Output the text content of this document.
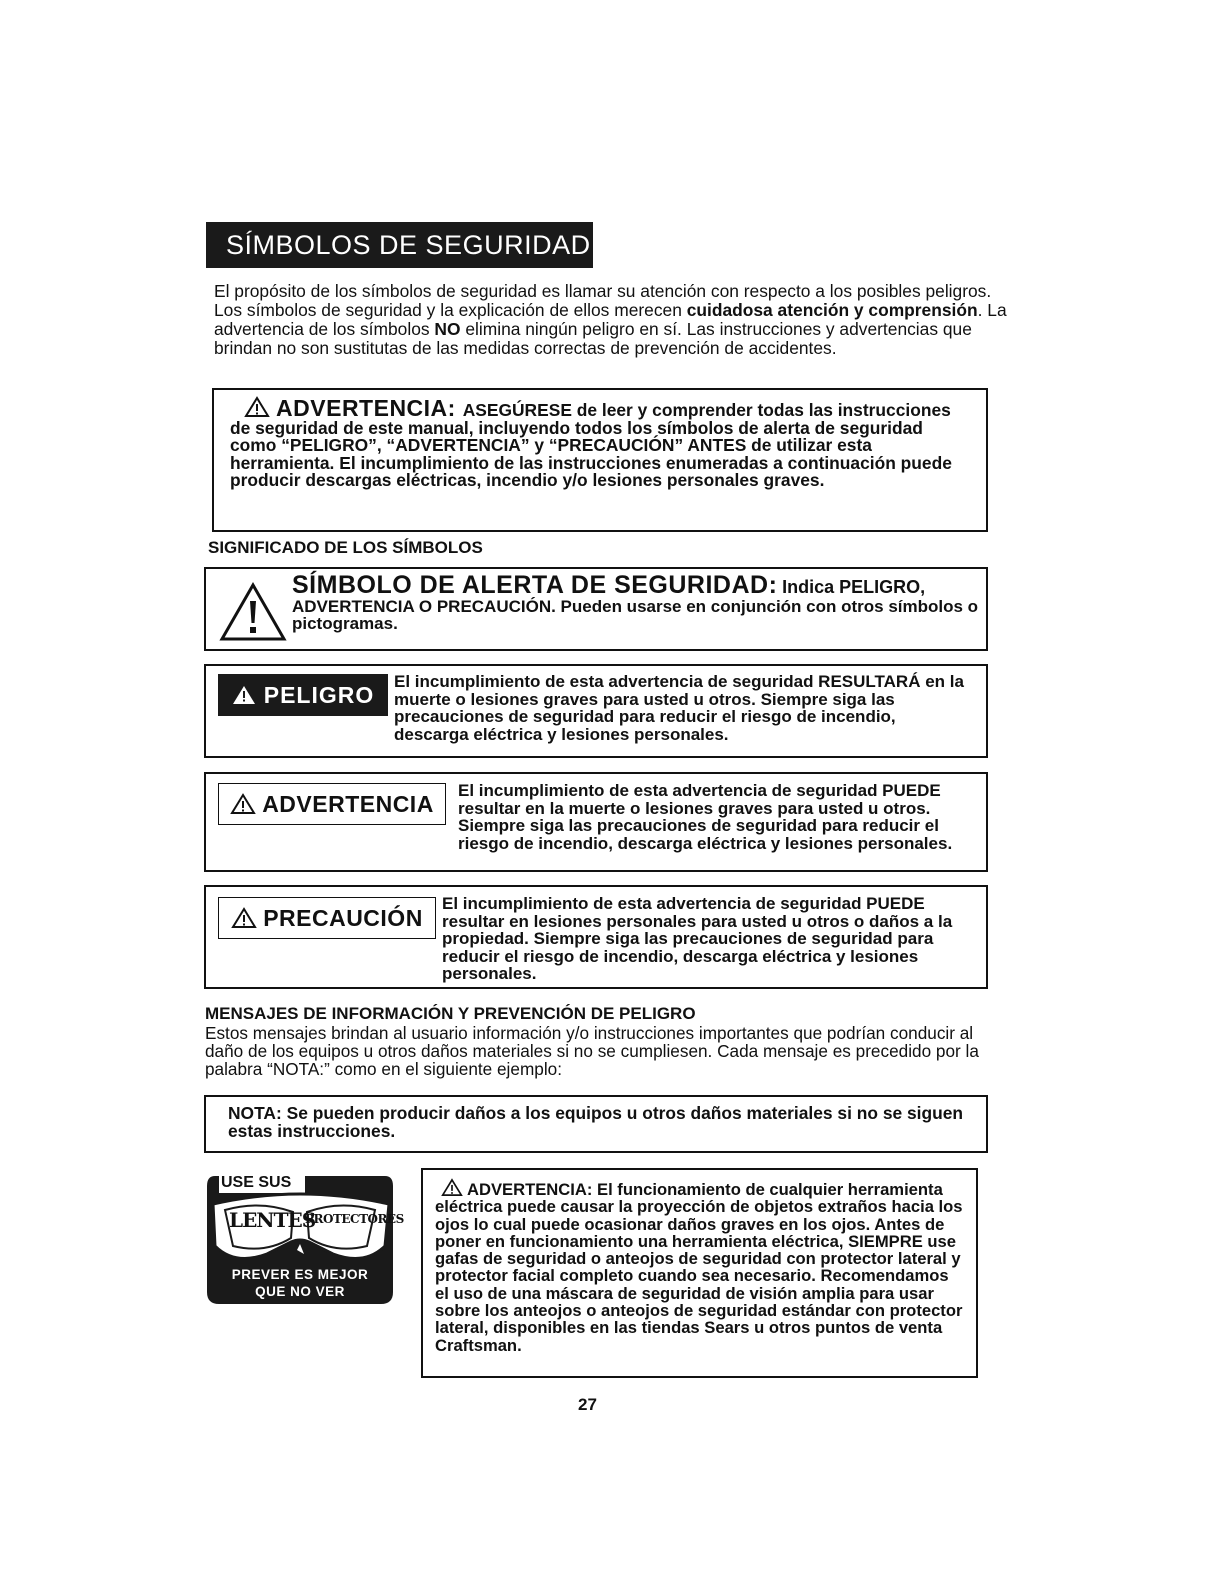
SÍMBOLOS DE SEGURIDAD
El propósito de los símbolos de seguridad es llamar su atención con respecto a los posibles peligros. Los símbolos de seguridad y la explicación de ellos merecen cuidadosa atención y comprensión. La advertencia de los símbolos NO elimina ningún peligro en sí. Las instrucciones y advertencias que brindan no son sustitutas de las medidas correctas de prevención de accidentes.
ADVERTENCIA: ASEGÚRESE de leer y comprender todas las instrucciones de seguridad de este manual, incluyendo todos los símbolos de alerta de seguridad como “PELIGRO”, “ADVERTENCIA” y “PRECAUCIÓN” ANTES de utilizar esta herramienta. El incumplimiento de las instrucciones enumeradas a continuación puede producir descargas eléctricas, incendio y/o lesiones personales graves.
SIGNIFICADO DE LOS SÍMBOLOS
SÍMBOLO DE ALERTA DE SEGURIDAD: Indica PELIGRO,
ADVERTENCIA O PRECAUCIÓN. Pueden usarse en conjunción con otros símbolos o pictogramas.
PELIGRO El incumplimiento de esta advertencia de seguridad RESULTARÁ en la muerte o lesiones graves para usted u otros. Siempre siga las precauciones de seguridad para reducir el riesgo de incendio, descarga eléctrica y lesiones personales.
ADVERTENCIA El incumplimiento de esta advertencia de seguridad PUEDE resultar en la muerte o lesiones graves para usted u otros. Siempre siga las precauciones de seguridad para reducir el riesgo de incendio, descarga eléctrica y lesiones personales.
PRECAUCIÓN
El incumplimiento de esta advertencia de seguridad PUEDE resultar en lesiones personales para usted u otros o daños a la propiedad. Siempre siga las precauciones de seguridad para reducir el riesgo de incendio, descarga eléctrica y lesiones personales.
MENSAJES DE INFORMACIÓN Y PREVENCIÓN DE PELIGRO
Estos mensajes brindan al usuario información y/o instrucciones importantes que podrían conducir al daño de los equipos u otros daños materiales si no se cumpliesen. Cada mensaje es precedido por la palabra “NOTA:” como en el siguiente ejemplo:
NOTA: Se pueden producir daños a los equipos u otros daños materiales si no se siguen estas instrucciones.
USE SUS
LENTES
PROTECTORES
PREVER ES MEJOR
QUE NO VER
ADVERTENCIA: El funcionamiento de cualquier herramienta eléctrica puede causar la proyección de objetos extraños hacia los ojos lo cual puede ocasionar daños graves en los ojos. Antes de poner en funcionamiento una herramienta eléctrica, SIEMPRE use gafas de seguridad o anteojos de seguridad con protector lateral y protector facial completo cuando sea necesario. Recomendamos el uso de una máscara de seguridad de visión amplia para usar sobre los anteojos o anteojos de seguridad estándar con protector lateral, disponibles en las tiendas Sears u otros puntos de venta Craftsman.
27
